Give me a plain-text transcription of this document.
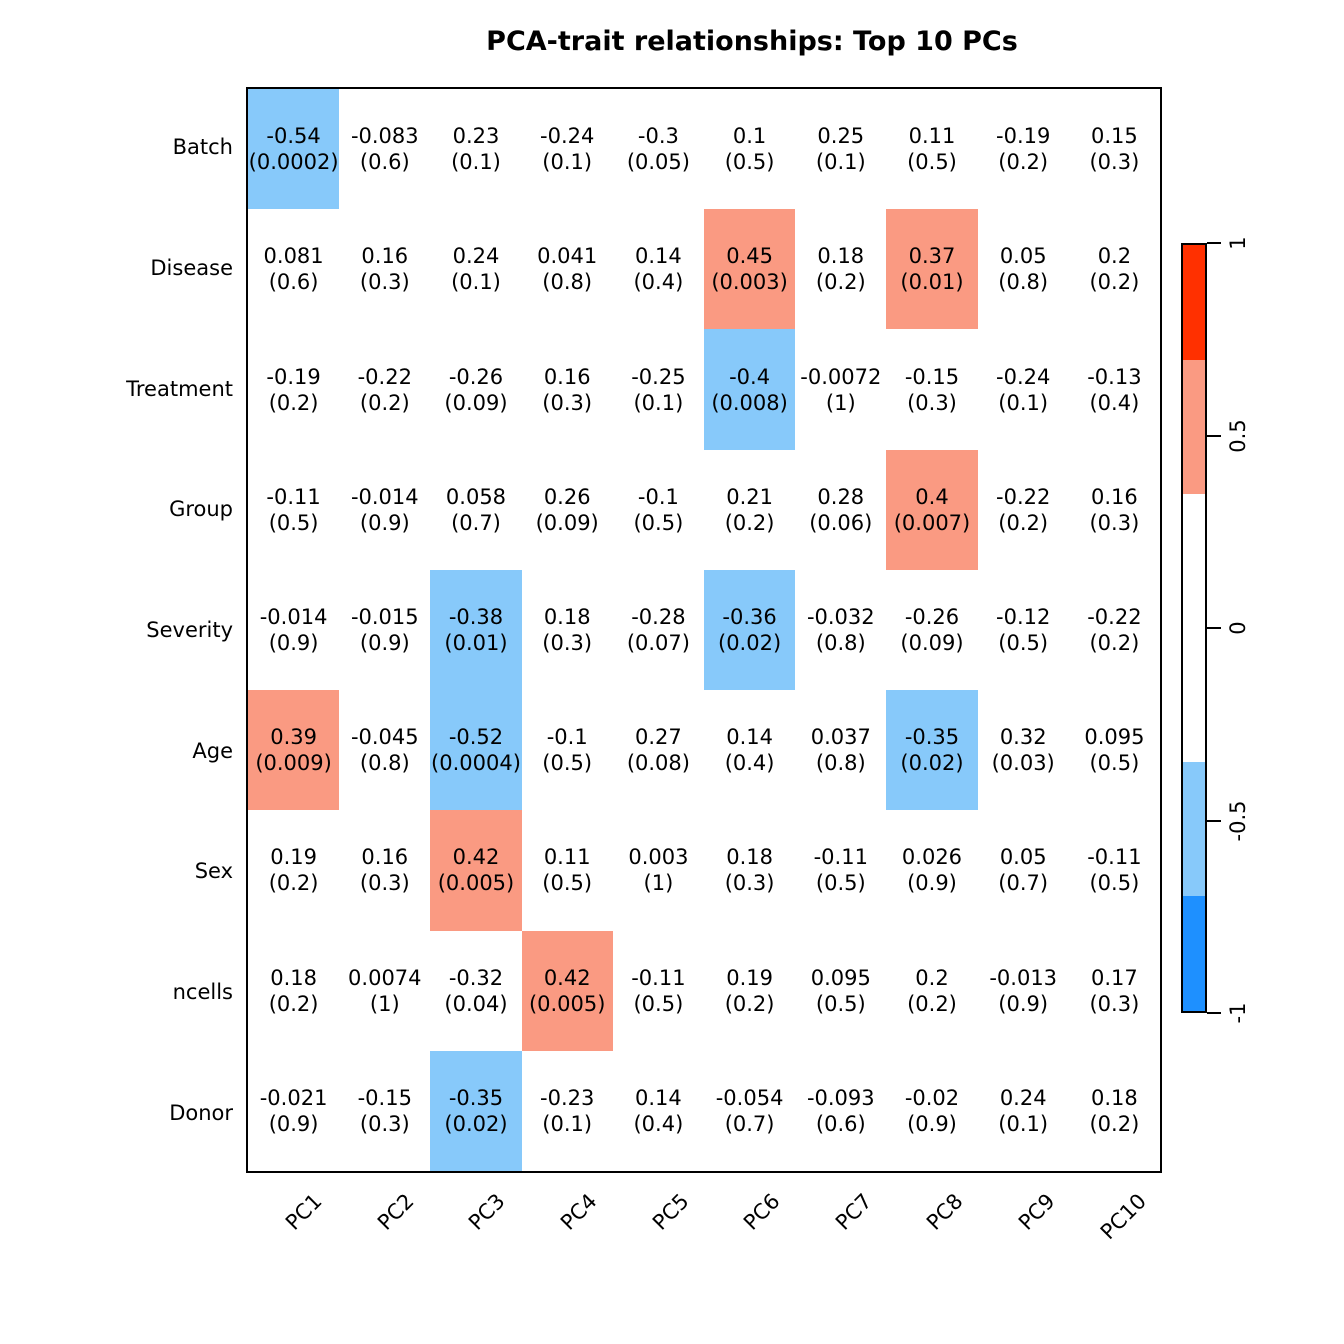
PCA-trait relationships: Top 10 PCs
Batch
Disease
Treatment
Group
Severity
Age
Sex
ncells
Donor
-0.54
(0.0002)
-0.083
(0.6)
0.23
(0.1)
-0.24
(0.1)
-0.3
(0.05)
0.1
(0.5)
0.25
(0.1)
0.11
(0.5)
-0.19
(0.2)
0.15
(0.3)
0.081
(0.6)
0.16
(0.3)
0.24
(0.1)
0.041
(0.8)
0.14
(0.4)
0.45
(0.003)
0.18
(0.2)
0.37
(0.01)
0.05
(0.8)
0.2
(0.2)
-0.19
(0.2)
-0.22
(0.2)
-0.26
(0.09)
0.16
(0.3)
-0.25
(0.1)
-0.4
(0.008)
-0.0072
(1)
-0.15
(0.3)
-0.24
(0.1)
-0.13
(0.4)
-0.11
(0.5)
-0.014
(0.9)
0.058
(0.7)
0.26
(0.09)
-0.1
(0.5)
0.21
(0.2)
0.28
(0.06)
0.4
(0.007)
-0.22
(0.2)
0.16
(0.3)
-0.014
(0.9)
-0.015
(0.9)
-0.38
(0.01)
0.18
(0.3)
-0.28
(0.07)
-0.36
(0.02)
-0.032
(0.8)
-0.26
(0.09)
-0.12
(0.5)
-0.22
(0.2)
0.39
(0.009)
-0.045
(0.8)
-0.52
(0.0004)
-0.1
(0.5)
0.27
(0.08)
0.14
(0.4)
0.037
(0.8)
-0.35
(0.02)
0.32
(0.03)
0.095
(0.5)
0.19
(0.2)
0.16
(0.3)
0.42
(0.005)
0.11
(0.5)
0.003
(1)
0.18
(0.3)
-0.11
(0.5)
0.026
(0.9)
0.05
(0.7)
-0.11
(0.5)
0.18
(0.2)
0.0074
(1)
-0.32
(0.04)
0.42
(0.005)
-0.11
(0.5)
0.19
(0.2)
0.095
(0.5)
0.2
(0.2)
-0.013
(0.9)
0.17
(0.3)
-0.021
(0.9)
-0.15
(0.3)
-0.35
(0.02)
-0.23
(0.1)
0.14
(0.4)
-0.054
(0.7)
-0.093
(0.6)
-0.02
(0.9)
0.24
(0.1)
0.18
(0.2)
PC1 PC2 PC3 PC4 PC5 PC6 PC7 PC8 PC9 PC10
1
0.5
0
-0.5
-1
